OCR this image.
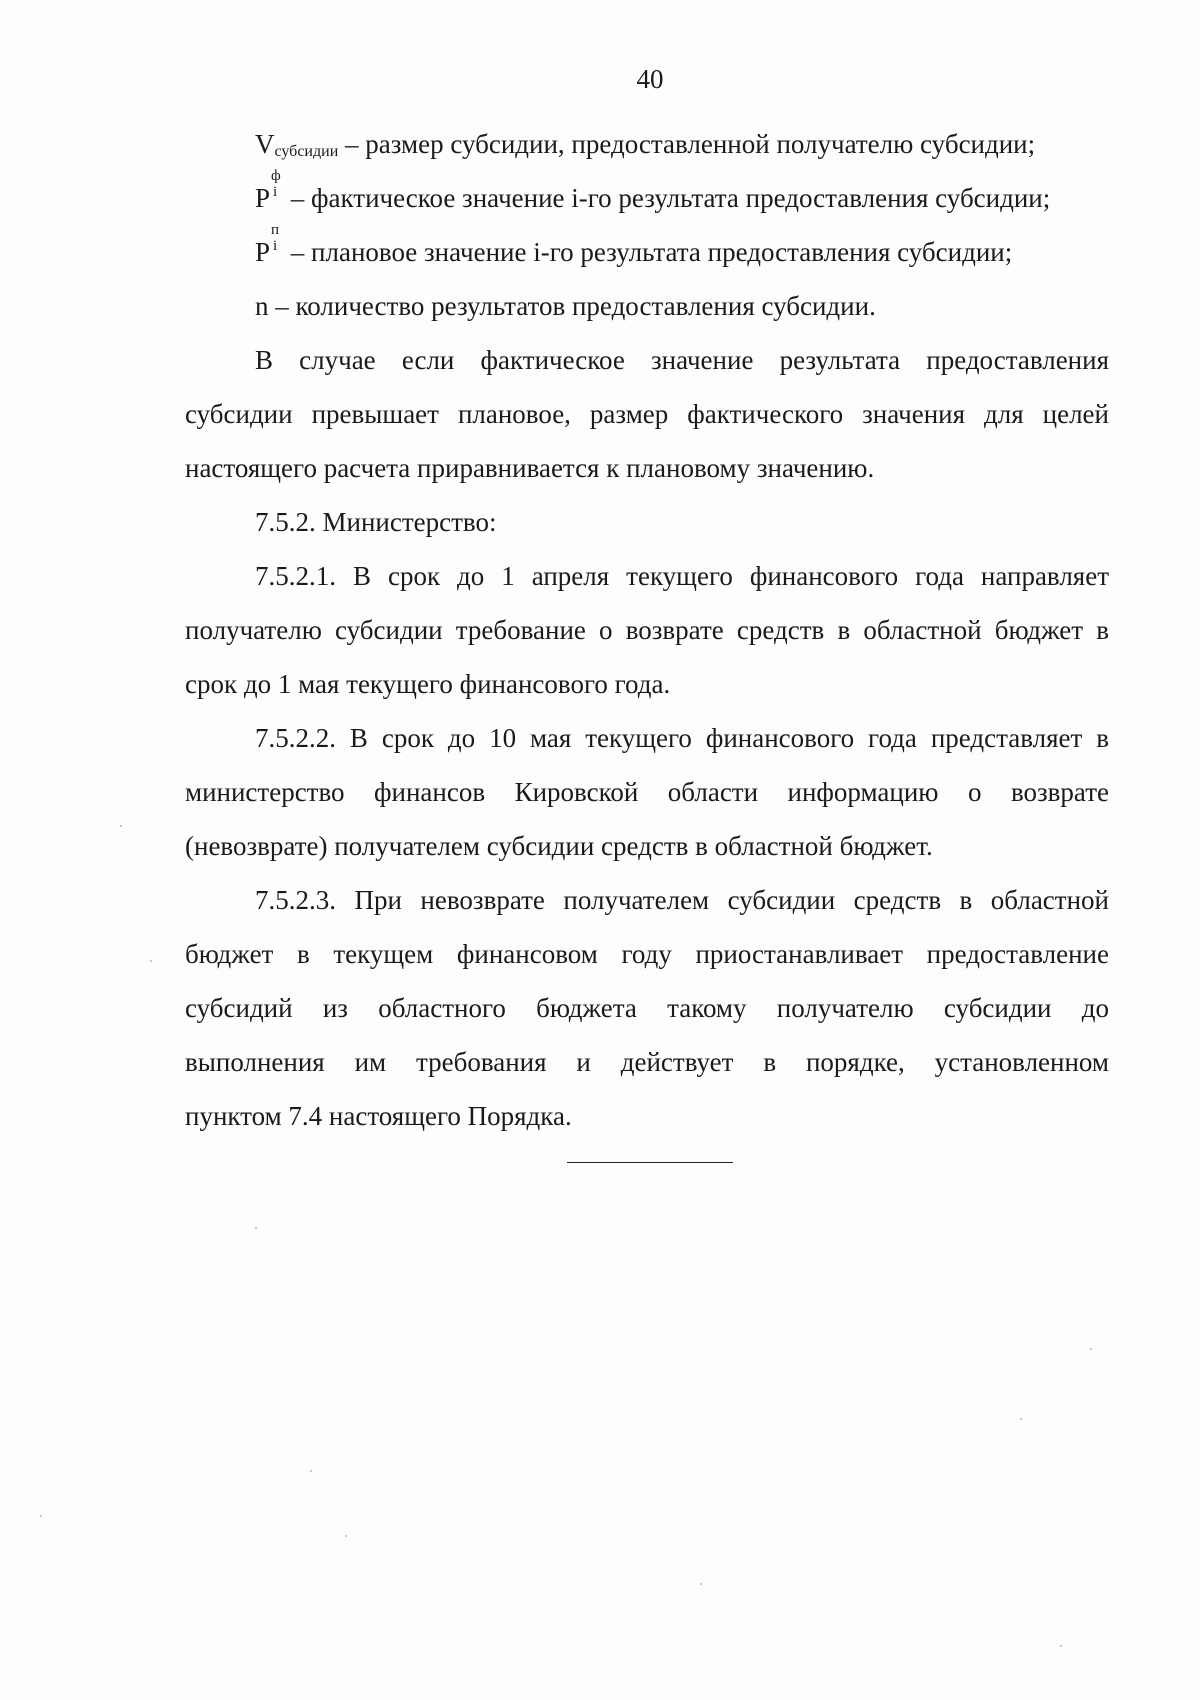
40
Vсубсидии – размер субсидии, предоставленной получателю субсидии;
P
ф
i – фактическое значение i-го результата предоставления субсидии;
P
п
i – плановое значение i-го результата предоставления субсидии;
n – количество результатов предоставления субсидии.
В случае если фактическое значение результата предоставления
субсидии превышает плановое, размер фактического значения для целей
настоящего расчета приравнивается к плановому значению.
7.5.2. Министерство:
7.5.2.1. В срок до 1 апреля текущего финансового года направляет
получателю субсидии требование о возврате средств в областной бюджет в
срок до 1 мая текущего финансового года.
7.5.2.2. В срок до 10 мая текущего финансового года представляет в
министерство финансов Кировской области информацию о возврате
(невозврате) получателем субсидии средств в областной бюджет.
7.5.2.3. При невозврате получателем субсидии средств в областной
бюджет в текущем финансовом году приостанавливает предоставление
субсидий из областного бюджета такому получателю субсидии до
выполнения им требования и действует в порядке, установленном
пунктом 7.4 настоящего Порядка.
